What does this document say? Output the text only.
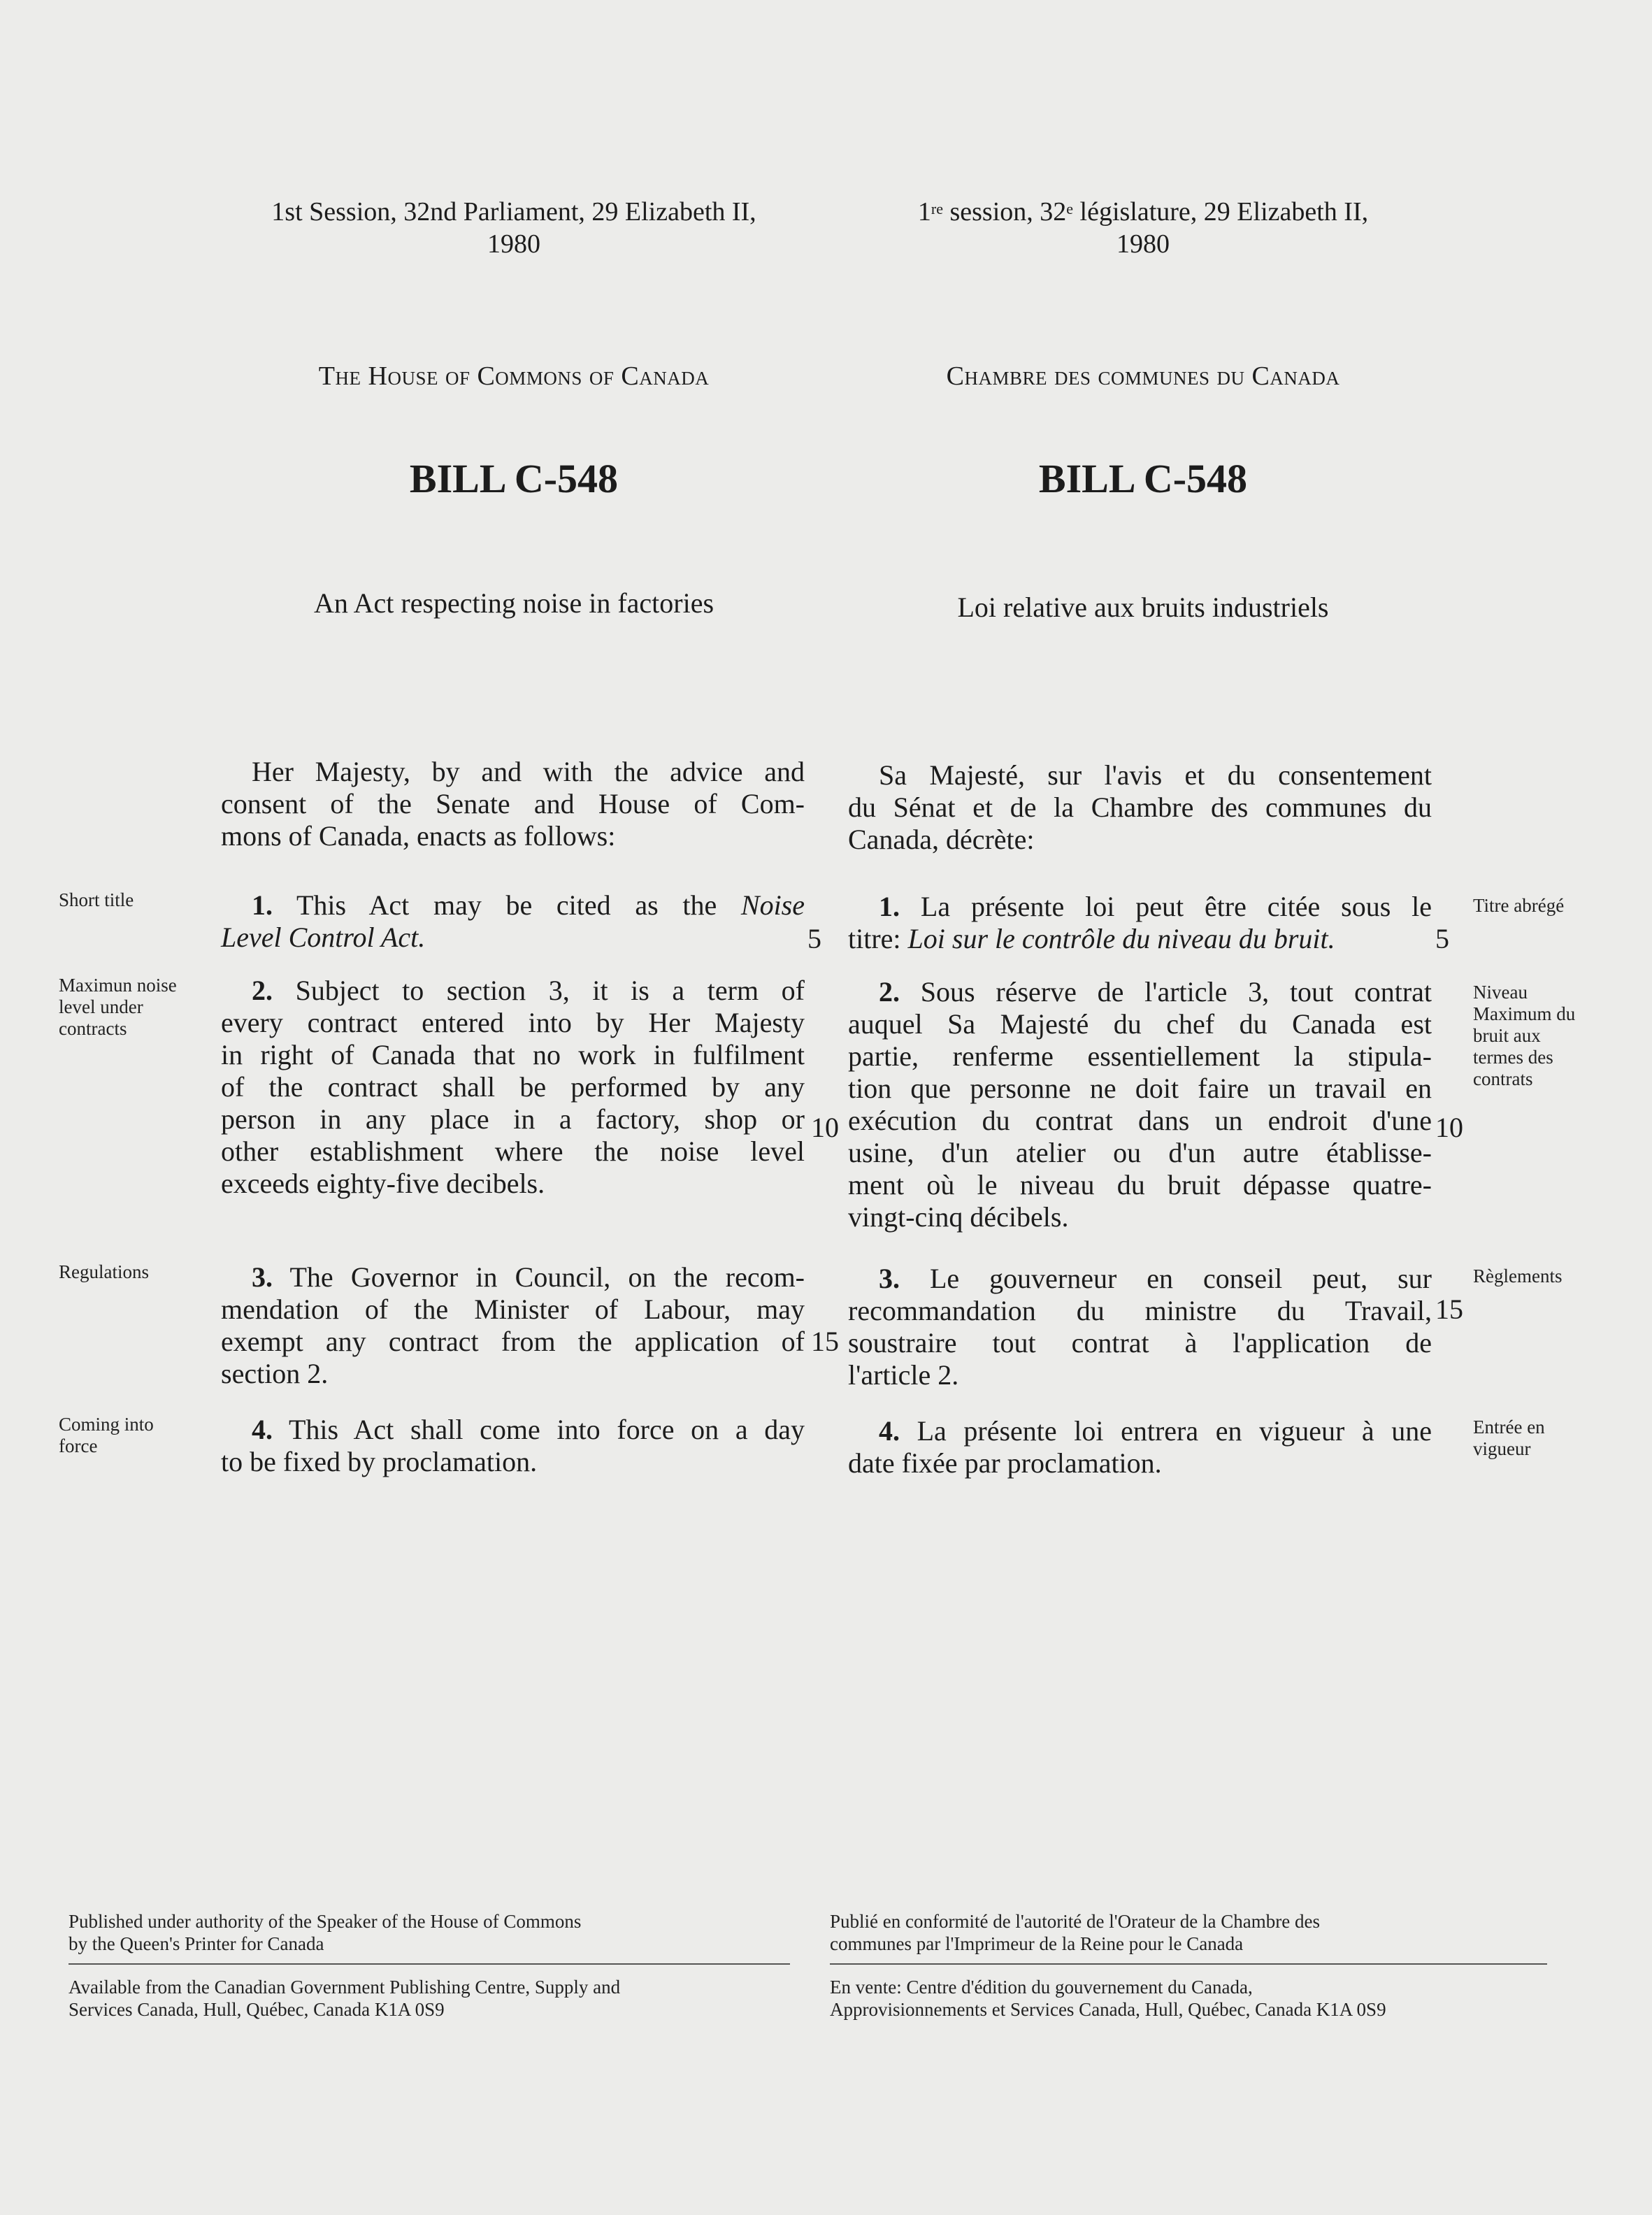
1st Session, 32nd Parliament, 29 Elizabeth II,
1980
The House of Commons of Canada
BILL C-548
An Act respecting noise in factories
1re session, 32e législature, 29 Elizabeth II,
1980
Chambre des communes du Canada
BILL C-548
Loi relative aux bruits industriels
Her Majesty, by and with the advice and
consent of the Senate and House of Com-
mons of Canada, enacts as follows:
Sa Majesté, sur l'avis et du consentement
du Sénat et de la Chambre des communes du
Canada, décrète:
Short title	1. This Act may be cited as the Noise
Level Control Act.
1. La présente loi peut être citée sous le
titre: Loi sur le contrôle du niveau du bruit.
Titre abrégé
5	5
Maximun noise
level under
contracts
2. Subject to section 3, it is a term of
every contract entered into by Her Majesty
in right of Canada that no work in fulfilment
of the contract shall be performed by any
person in any place in a factory, shop or
other establishment where the noise level
exceeds eighty-five decibels.
2. Sous réserve de l'article 3, tout contrat
auquel Sa Majesté du chef du Canada est
partie, renferme essentiellement la stipula-
tion que personne ne doit faire un travail en
exécution du contrat dans un endroit d'une
usine, d'un atelier ou d'un autre établisse-
ment où le niveau du bruit dépasse quatre-
vingt-cinq décibels.
Niveau
Maximum du
bruit aux
termes des
contrats
10	10
Regulations	3. The Governor in Council, on the recom-
mendation of the Minister of Labour, may
exempt any contract from the application of
section 2.
3. Le gouverneur en conseil peut, sur
recommandation du ministre du Travail,
soustraire tout contrat à l'application de
l'article 2.
Règlements
15
15
Coming into
force
4. This Act shall come into force on a day
to be fixed by proclamation.
4. La présente loi entrera en vigueur à une
date fixée par proclamation.
Entrée en
vigueur
Published under authority of the Speaker of the House of Commons
by the Queen's Printer for Canada
Available from the Canadian Government Publishing Centre, Supply and
Services Canada, Hull, Québec, Canada K1A 0S9
Publié en conformité de l'autorité de l'Orateur de la Chambre des
communes par l'Imprimeur de la Reine pour le Canada
En vente: Centre d'édition du gouvernement du Canada,
Approvisionnements et Services Canada, Hull, Québec, Canada K1A 0S9
